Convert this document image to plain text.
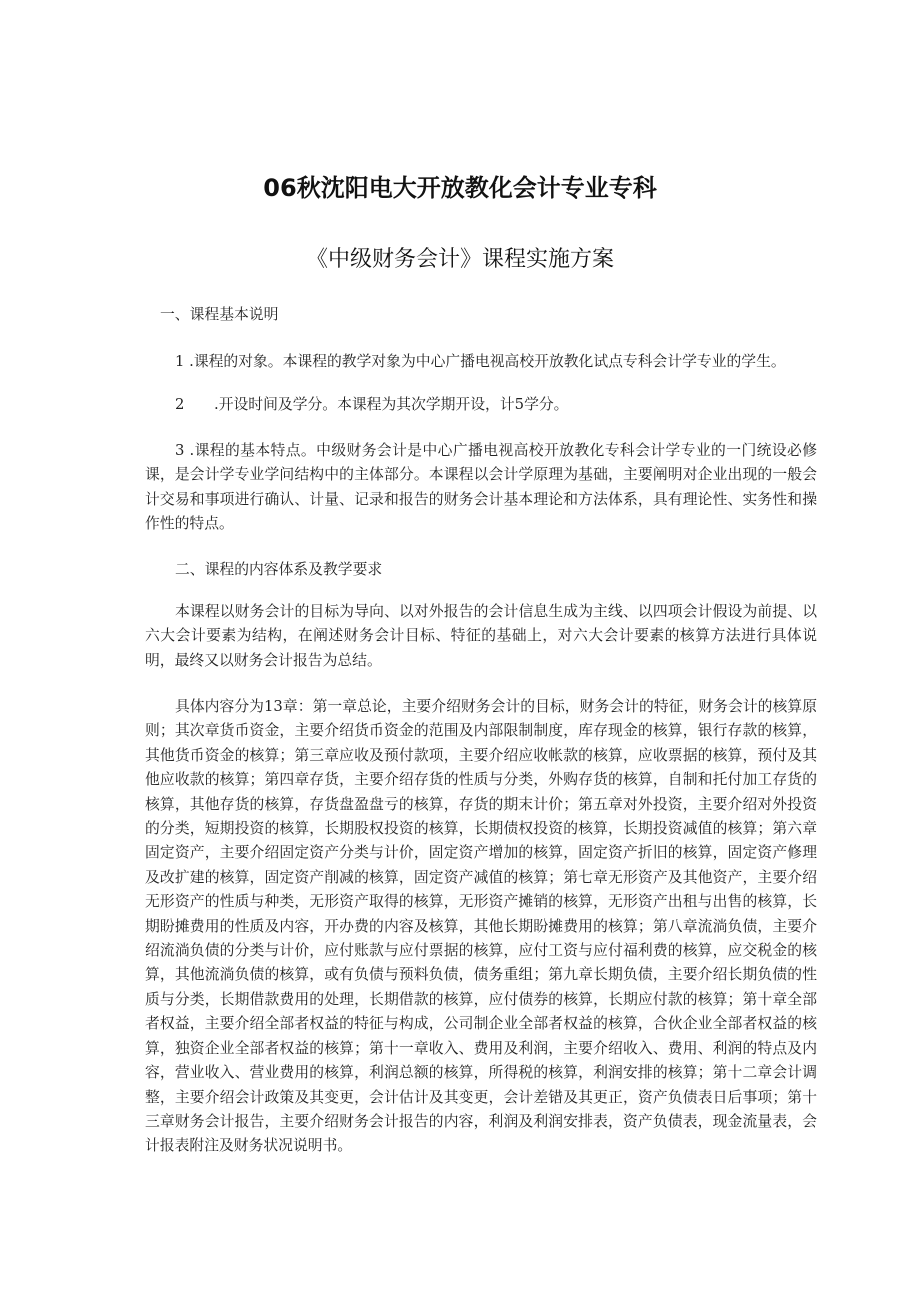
06秋沈阳电大开放教化会计专业专科
《中级财务会计》课程实施方案

一、课程基本说明

1 .课程的对象。本课程的教学对象为中心广播电视高校开放教化试点专科会计学专业的学生。

2　　.开设时间及学分。本课程为其次学期开设，计5学分。

3 .课程的基本特点。中级财务会计是中心广播电视高校开放教化专科会计学专业的一门统设必修课，是会计学专业学问结构中的主体部分。本课程以会计学原理为基础，主要阐明对企业出现的一般会计交易和事项进行确认、计量、记录和报告的财务会计基本理论和方法体系，具有理论性、实务性和操作性的特点。

二、课程的内容体系及教学要求

本课程以财务会计的目标为导向、以对外报告的会计信息生成为主线、以四项会计假设为前提、以六大会计要素为结构，在阐述财务会计目标、特征的基础上，对六大会计要素的核算方法进行具体说明，最终又以财务会计报告为总结。

具体内容分为13章：第一章总论，主要介绍财务会计的目标，财务会计的特征，财务会计的核算原则；其次章货币资金，主要介绍货币资金的范围及内部限制制度，库存现金的核算，银行存款的核算，其他货币资金的核算；第三章应收及预付款项，主要介绍应收帐款的核算，应收票据的核算，预付及其他应收款的核算；第四章存货，主要介绍存货的性质与分类，外购存货的核算，自制和托付加工存货的核算，其他存货的核算，存货盘盈盘亏的核算，存货的期末计价；第五章对外投资，主要介绍对外投资的分类，短期投资的核算，长期股权投资的核算，长期债权投资的核算，长期投资减值的核算；第六章固定资产，主要介绍固定资产分类与计价，固定资产增加的核算，固定资产折旧的核算，固定资产修理及改扩建的核算，固定资产削减的核算，固定资产减值的核算；第七章无形资产及其他资产，主要介绍无形资产的性质与种类，无形资产取得的核算，无形资产摊销的核算，无形资产出租与出售的核算，长期盼摊费用的性质及内容，开办费的内容及核算，其他长期盼摊费用的核算；第八章流淌负债，主要介绍流淌负债的分类与计价，应付账款与应付票据的核算，应付工资与应付福利费的核算，应交税金的核算，其他流淌负债的核算，或有负债与预料负债，债务重组；第九章长期负债，主要介绍长期负债的性质与分类，长期借款费用的处理，长期借款的核算，应付债券的核算，长期应付款的核算；第十章全部者权益，主要介绍全部者权益的特征与构成，公司制企业全部者权益的核算，合伙企业全部者权益的核算，独资企业全部者权益的核算；第十一章收入、费用及利润，主要介绍收入、费用、利润的特点及内容，营业收入、营业费用的核算，利润总额的核算，所得税的核算，利润安排的核算；第十二章会计调整，主要介绍会计政策及其变更，会计估计及其变更，会计差错及其更正，资产负债表日后事项；第十三章财务会计报告，主要介绍财务会计报告的内容，利润及利润安排表，资产负债表，现金流量表，会计报表附注及财务状况说明书。
